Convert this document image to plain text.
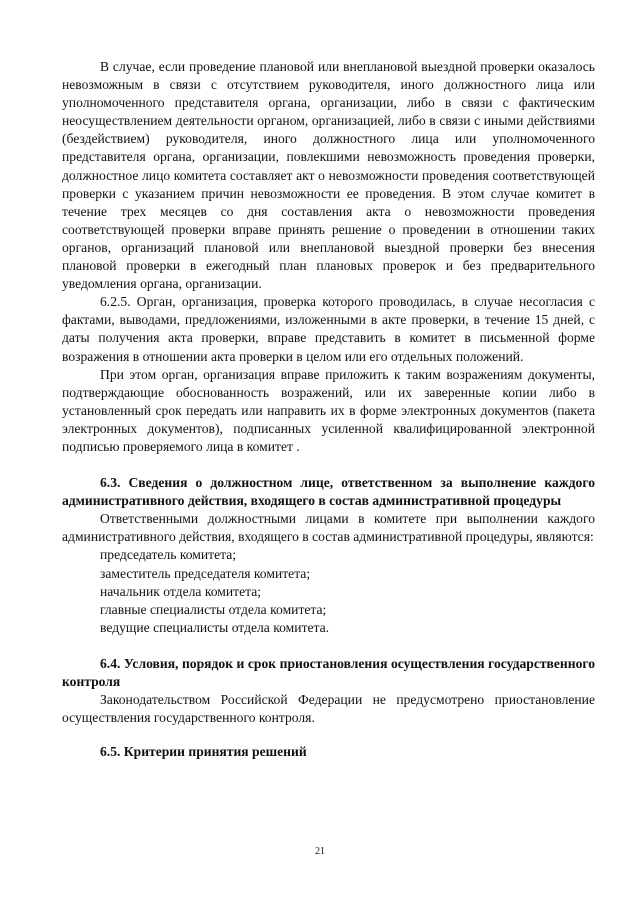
В случае, если проведение плановой или внеплановой выездной проверки оказалось невозможным в связи с отсутствием руководителя, иного должностного лица или уполномоченного представителя органа, организации, либо в связи с фактическим неосуществлением деятельности органом, организацией, либо в связи с иными действиями (бездействием) руководителя, иного должностного лица или уполномоченного представителя органа, организации, повлекшими невозможность проведения проверки, должностное лицо комитета составляет акт о невозможности проведения соответствующей проверки с указанием причин невозможности ее проведения. В этом случае комитет в течение трех месяцев со дня составления акта о невозможности проведения соответствующей проверки вправе принять решение о проведении в отношении таких органов, организаций плановой или внеплановой выездной проверки без внесения плановой проверки в ежегодный план плановых проверок и без предварительного уведомления органа, организации.

6.2.5. Орган, организация, проверка которого проводилась, в случае несогласия с фактами, выводами, предложениями, изложенными в акте проверки, в течение 15 дней, с даты получения акта проверки, вправе представить в комитет в письменной форме возражения в отношении акта проверки в целом или его отдельных положений.

При этом орган, организация вправе приложить к таким возражениям документы, подтверждающие обоснованность возражений, или их заверенные копии либо в установленный срок передать или направить их в форме электронных документов (пакета электронных документов), подписанных усиленной квалифицированной электронной подписью проверяемого лица в комитет .

6.3. Сведения о должностном лице, ответственном за выполнение каждого административного действия, входящего в состав административной процедуры

Ответственными должностными лицами в комитете при выполнении каждого административного действия, входящего в состав административной процедуры, являются:

председатель комитета;

заместитель председателя комитета;

начальник отдела комитета;

главные специалисты отдела комитета;

ведущие специалисты отдела комитета.

6.4. Условия, порядок и срок приостановления осуществления государственного контроля

Законодательством Российской Федерации не предусмотрено приостановление осуществления государственного контроля.

6.5. Критерии принятия решений

21
